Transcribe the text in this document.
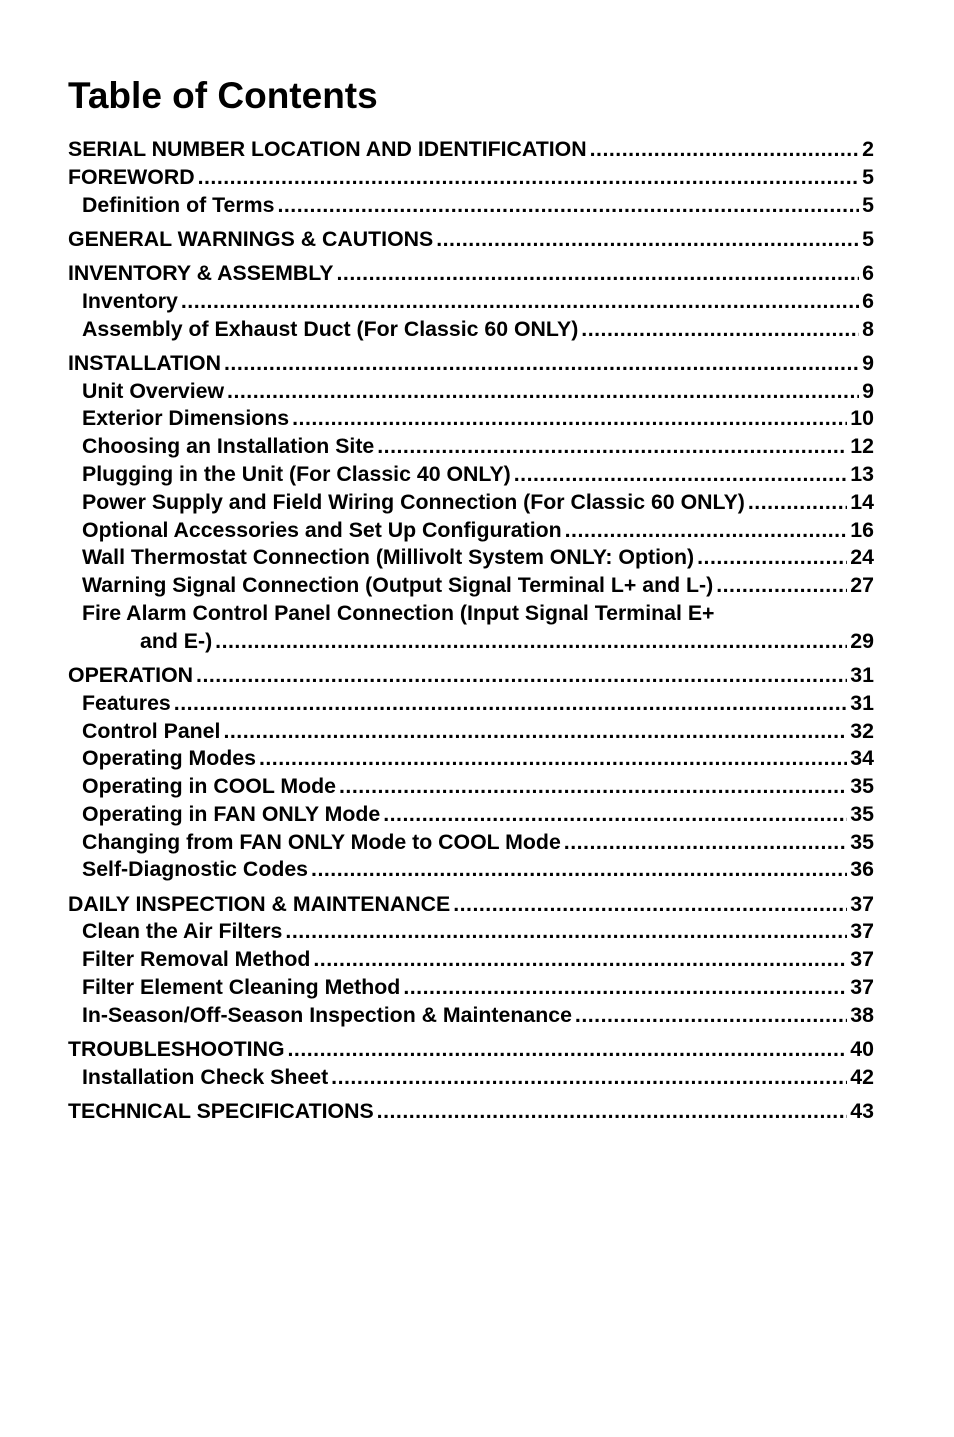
Table of Contents
SERIAL NUMBER LOCATION AND IDENTIFICATION .....	2
FOREWORD .....	5
Definition of Terms .....	5
GENERAL WARNINGS & CAUTIONS .....	5
INVENTORY & ASSEMBLY .....	6
Inventory .....	6
Assembly of Exhaust Duct (For Classic 60 ONLY) .....	8
INSTALLATION .....	9
Unit Overview .....	9
Exterior Dimensions .....	10
Choosing an Installation Site .....	12
Plugging in the Unit (For Classic 40 ONLY) .....	13
Power Supply and Field Wiring Connection (For Classic 60 ONLY) .....	14
Optional Accessories and Set Up Configuration .....	16
Wall Thermostat Connection (Millivolt System ONLY: Option) .....	24
Warning Signal Connection (Output Signal Terminal L+ and L-) .....	27
Fire Alarm Control Panel Connection (Input Signal Terminal E+
and E-) .....	29
OPERATION .....	31
Features .....	31
Control Panel .....	32
Operating Modes .....	34
Operating in COOL Mode .....	35
Operating in FAN ONLY Mode .....	35
Changing from FAN ONLY Mode to COOL Mode .....	35
Self-Diagnostic Codes .....	36
DAILY INSPECTION & MAINTENANCE .....	37
Clean the Air Filters .....	37
Filter Removal Method .....	37
Filter Element Cleaning Method .....	37
In-Season/Off-Season Inspection & Maintenance .....	38
TROUBLESHOOTING .....	40
Installation Check Sheet .....	42
TECHNICAL SPECIFICATIONS .....	43
